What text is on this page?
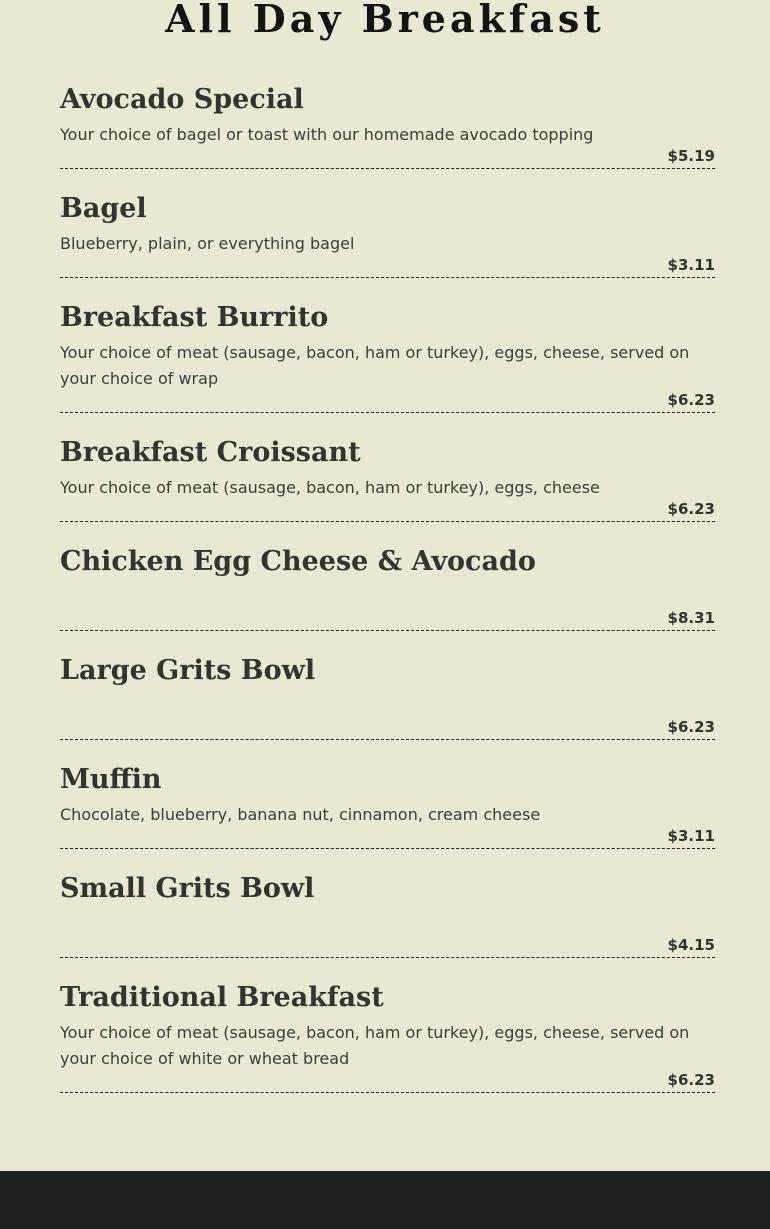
All Day Breakfast
Avocado Special

Your choice of bagel or toast with our homemade avocado topping

$5.19
Bagel

Blueberry, plain, or everything bagel

$3.11
Breakfast Burrito

Your choice of meat (sausage, bacon, ham or turkey), eggs, cheese, served on your choice of wrap

$6.23
Breakfast Croissant

Your choice of meat (sausage, bacon, ham or turkey), eggs, cheese

$6.23
Chicken Egg Cheese & Avocado

$8.31
Large Grits Bowl

$6.23
Muffin

Chocolate, blueberry, banana nut, cinnamon, cream cheese

$3.11
Small Grits Bowl

$4.15
Traditional Breakfast

Your choice of meat (sausage, bacon, ham or turkey), eggs, cheese, served on your choice of white or wheat bread

$6.23
